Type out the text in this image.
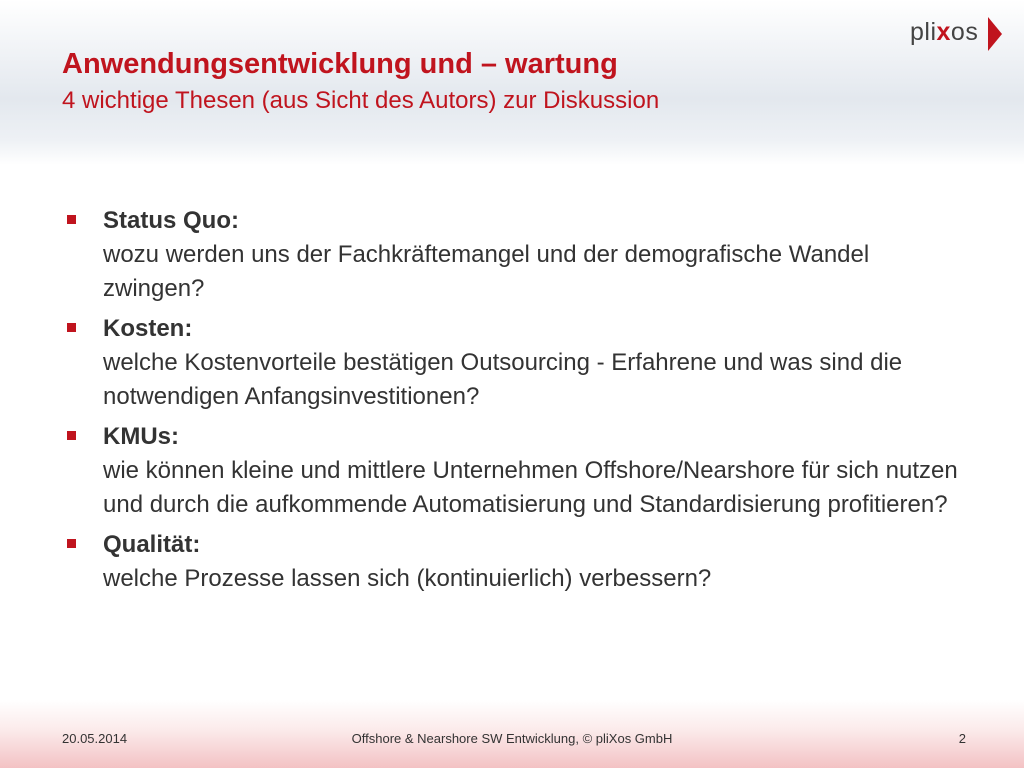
Anwendungsentwicklung und – wartung
4 wichtige Thesen (aus Sicht des Autors) zur Diskussion
plixos
Status Quo:
wozu werden uns der Fachkräftemangel und der demografische Wandel zwingen?
Kosten:
welche Kostenvorteile bestätigen Outsourcing - Erfahrene und was sind die notwendigen Anfangsinvestitionen?
KMUs:
wie können kleine und mittlere Unternehmen Offshore/Nearshore für sich nutzen und durch die aufkommende Automatisierung und Standardisierung profitieren?
Qualität:
welche Prozesse lassen sich (kontinuierlich) verbessern?
20.05.2014	Offshore & Nearshore SW Entwicklung, © pliXos GmbH	2
